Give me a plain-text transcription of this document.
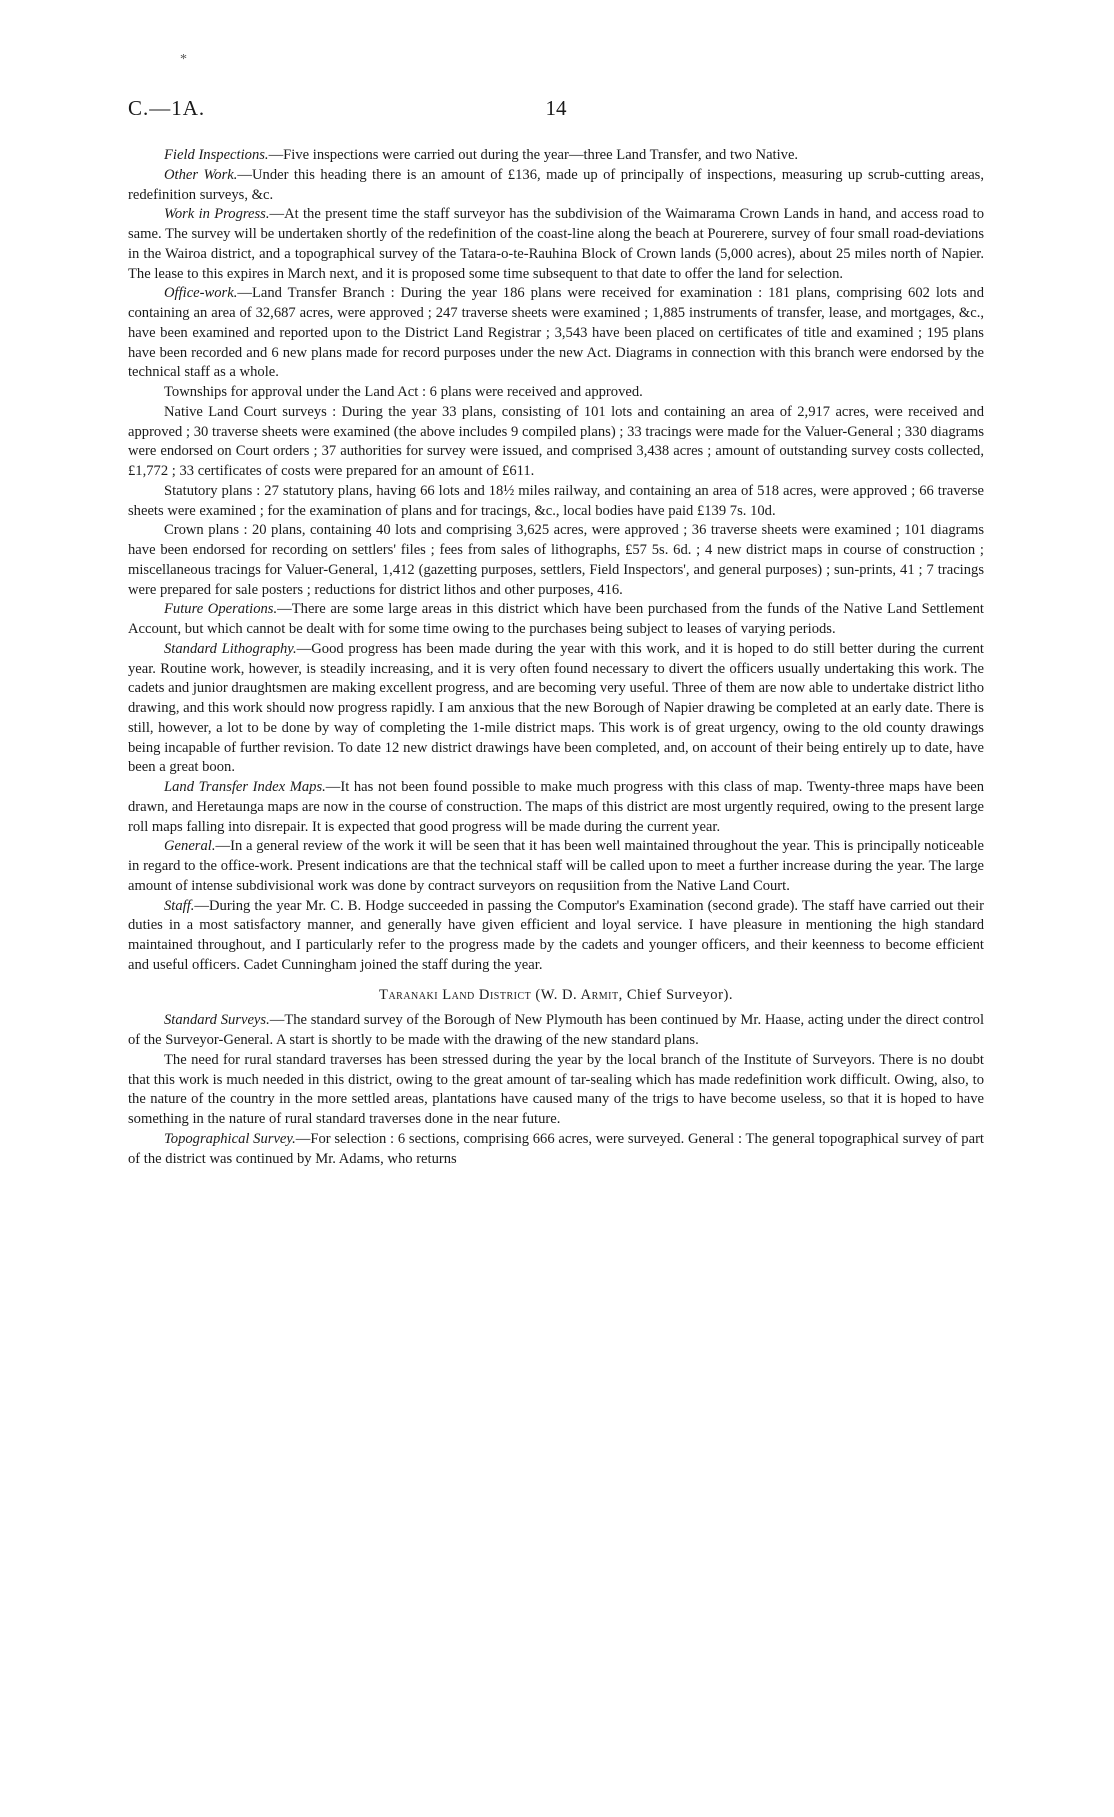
*
C.—1A.	14

Field Inspections.—Five inspections were carried out during the year—three Land Transfer, and two Native.

Other Work.—Under this heading there is an amount of £136, made up of principally of inspections, measuring up scrub-cutting areas, redefinition surveys, &c.

Work in Progress.—At the present time the staff surveyor has the subdivision of the Waimarama Crown Lands in hand, and access road to same. The survey will be undertaken shortly of the redefinition of the coast-line along the beach at Pourerere, survey of four small road-deviations in the Wairoa district, and a topographical survey of the Tatara-o-te-Rauhina Block of Crown lands (5,000 acres), about 25 miles north of Napier. The lease to this expires in March next, and it is proposed some time subsequent to that date to offer the land for selection.

Office-work.—Land Transfer Branch : During the year 186 plans were received for examination : 181 plans, comprising 602 lots and containing an area of 32,687 acres, were approved ; 247 traverse sheets were examined ; 1,885 instruments of transfer, lease, and mortgages, &c., have been examined and reported upon to the District Land Registrar ; 3,543 have been placed on certificates of title and examined ; 195 plans have been recorded and 6 new plans made for record purposes under the new Act. Diagrams in connection with this branch were endorsed by the technical staff as a whole.

Townships for approval under the Land Act : 6 plans were received and approved.

Native Land Court surveys : During the year 33 plans, consisting of 101 lots and containing an area of 2,917 acres, were received and approved ; 30 traverse sheets were examined (the above includes 9 compiled plans) ; 33 tracings were made for the Valuer-General ; 330 diagrams were endorsed on Court orders ; 37 authorities for survey were issued, and comprised 3,438 acres ; amount of outstanding survey costs collected, £1,772 ; 33 certificates of costs were prepared for an amount of £611.

Statutory plans : 27 statutory plans, having 66 lots and 18½ miles railway, and containing an area of 518 acres, were approved ; 66 traverse sheets were examined ; for the examination of plans and for tracings, &c., local bodies have paid £139 7s. 10d.

Crown plans : 20 plans, containing 40 lots and comprising 3,625 acres, were approved ; 36 traverse sheets were examined ; 101 diagrams have been endorsed for recording on settlers' files ; fees from sales of lithographs, £57 5s. 6d. ; 4 new district maps in course of construction ; miscellaneous tracings for Valuer-General, 1,412 (gazetting purposes, settlers, Field Inspectors', and general purposes) ; sun-prints, 41 ; 7 tracings were prepared for sale posters ; reductions for district lithos and other purposes, 416.

Future Operations.—There are some large areas in this district which have been purchased from the funds of the Native Land Settlement Account, but which cannot be dealt with for some time owing to the purchases being subject to leases of varying periods.

Standard Lithography.—Good progress has been made during the year with this work, and it is hoped to do still better during the current year. Routine work, however, is steadily increasing, and it is very often found necessary to divert the officers usually undertaking this work. The cadets and junior draughtsmen are making excellent progress, and are becoming very useful. Three of them are now able to undertake district litho drawing, and this work should now progress rapidly. I am anxious that the new Borough of Napier drawing be completed at an early date. There is still, however, a lot to be done by way of completing the 1-mile district maps. This work is of great urgency, owing to the old county drawings being incapable of further revision. To date 12 new district drawings have been completed, and, on account of their being entirely up to date, have been a great boon.

Land Transfer Index Maps.—It has not been found possible to make much progress with this class of map. Twenty-three maps have been drawn, and Heretaunga maps are now in the course of construction. The maps of this district are most urgently required, owing to the present large roll maps falling into disrepair. It is expected that good progress will be made during the current year.

General.—In a general review of the work it will be seen that it has been well maintained throughout the year. This is principally noticeable in regard to the office-work. Present indications are that the technical staff will be called upon to meet a further increase during the year. The large amount of intense subdivisional work was done by contract surveyors on requsiition from the Native Land Court.

Staff.—During the year Mr. C. B. Hodge succeeded in passing the Computor's Examination (second grade). The staff have carried out their duties in a most satisfactory manner, and generally have given efficient and loyal service. I have pleasure in mentioning the high standard maintained throughout, and I particularly refer to the progress made by the cadets and younger officers, and their keenness to become efficient and useful officers. Cadet Cunningham joined the staff during the year.

Taranaki Land District (W. D. Armit, Chief Surveyor).

Standard Surveys.—The standard survey of the Borough of New Plymouth has been continued by Mr. Haase, acting under the direct control of the Surveyor-General. A start is shortly to be made with the drawing of the new standard plans.

The need for rural standard traverses has been stressed during the year by the local branch of the Institute of Surveyors. There is no doubt that this work is much needed in this district, owing to the great amount of tar-sealing which has made redefinition work difficult. Owing, also, to the nature of the country in the more settled areas, plantations have caused many of the trigs to have become useless, so that it is hoped to have something in the nature of rural standard traverses done in the near future.

Topographical Survey.—For selection : 6 sections, comprising 666 acres, were surveyed. General : The general topographical survey of part of the district was continued by Mr. Adams, who returns
